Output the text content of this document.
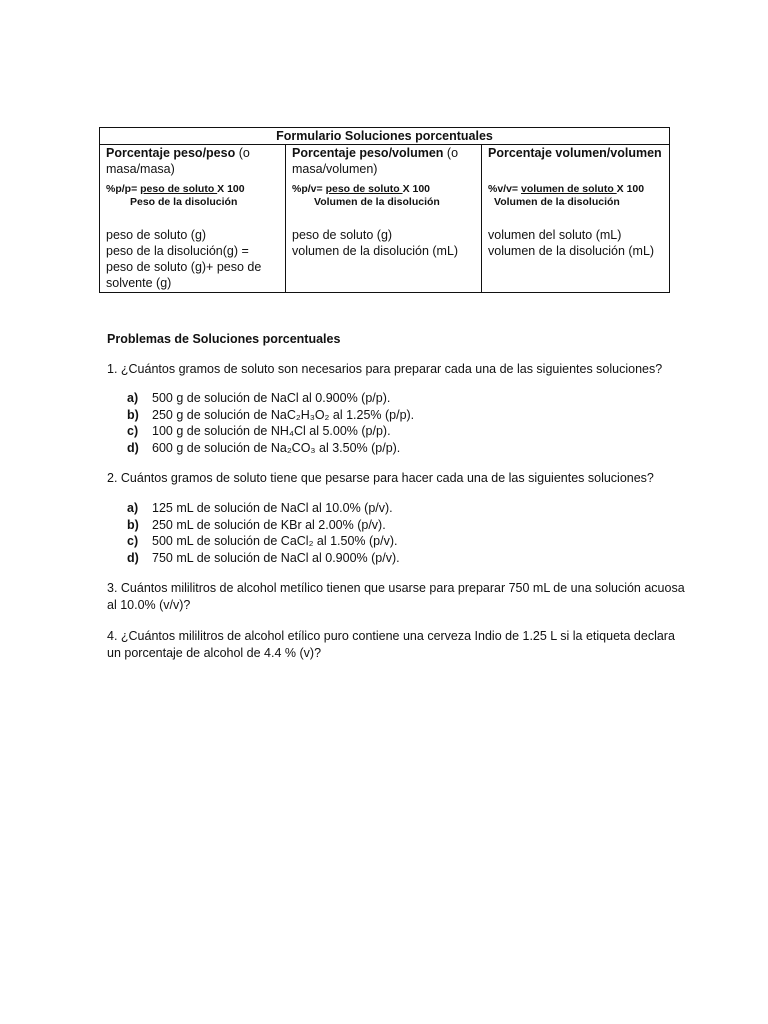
Formulario Soluciones porcentuales

Porcentaje peso/peso (o masa/masa)
%p/p= peso de soluto X 100
Peso de la disolución
peso de soluto (g)
peso de la disolución(g) = peso de soluto (g)+ peso de solvente (g)

Porcentaje peso/volumen (o masa/volumen)
%p/v= peso de soluto X 100
Volumen de la disolución
peso de soluto (g)
volumen de la disolución (mL)

Porcentaje volumen/volumen
%v/v= volumen de soluto X 100
Volumen de la disolución
volumen del soluto (mL)
volumen de la disolución (mL)
Problemas de Soluciones porcentuales
1. ¿Cuántos gramos de soluto son necesarios para preparar cada una de las siguientes soluciones?
a)	500 g de solución de NaCl al 0.900% (p/p).
b)	250 g de solución de NaC₂H₃O₂ al 1.25% (p/p).
c)	100 g de solución de NH₄Cl al 5.00% (p/p).
d)	600 g de solución de Na₂CO₃ al 3.50% (p/p).
2. Cuántos gramos de soluto tiene que pesarse para hacer cada una de las siguientes soluciones?
a)	125 mL de solución de NaCl al 10.0% (p/v).
b)	250 mL de solución de KBr al 2.00% (p/v).
c)	500 mL de solución de CaCl₂ al 1.50% (p/v).
d)	750 mL de solución de NaCl al 0.900% (p/v).
3. Cuántos mililitros de alcohol metílico tienen que usarse para preparar 750 mL de una solución acuosa al 10.0% (v/v)?
4. ¿Cuántos mililitros de alcohol etílico puro contiene una cerveza Indio de 1.25 L si la etiqueta declara un porcentaje de alcohol de 4.4 % (v)?
